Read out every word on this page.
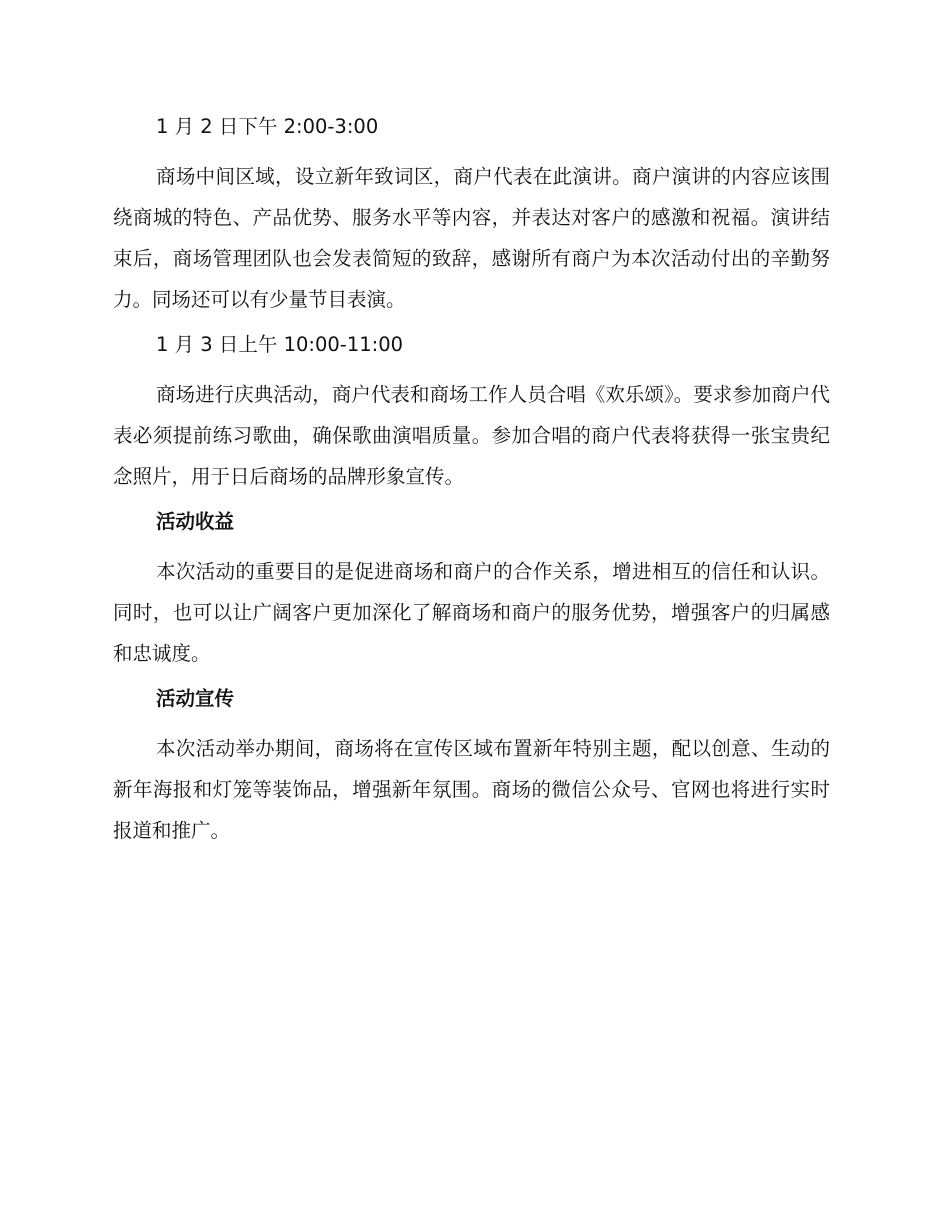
1 月 2 日下午 2:00-3:00

商场中间区域，设立新年致词区，商户代表在此演讲。商户演讲的内容应该围绕商城的特色、产品优势、服务水平等内容，并表达对客户的感激和祝福。演讲结束后，商场管理团队也会发表简短的致辞，感谢所有商户为本次活动付出的辛勤努力。同场还可以有少量节目表演。

1 月 3 日上午 10:00-11:00

商场进行庆典活动，商户代表和商场工作人员合唱《欢乐颂》。要求参加商户代表必须提前练习歌曲，确保歌曲演唱质量。参加合唱的商户代表将获得一张宝贵纪念照片，用于日后商场的品牌形象宣传。

活动收益

本次活动的重要目的是促进商场和商户的合作关系，增进相互的信任和认识。同时，也可以让广阔客户更加深化了解商场和商户的服务优势，增强客户的归属感和忠诚度。

活动宣传

本次活动举办期间，商场将在宣传区域布置新年特别主题，配以创意、生动的新年海报和灯笼等装饰品，增强新年氛围。商场的微信公众号、官网也将进行实时报道和推广。
